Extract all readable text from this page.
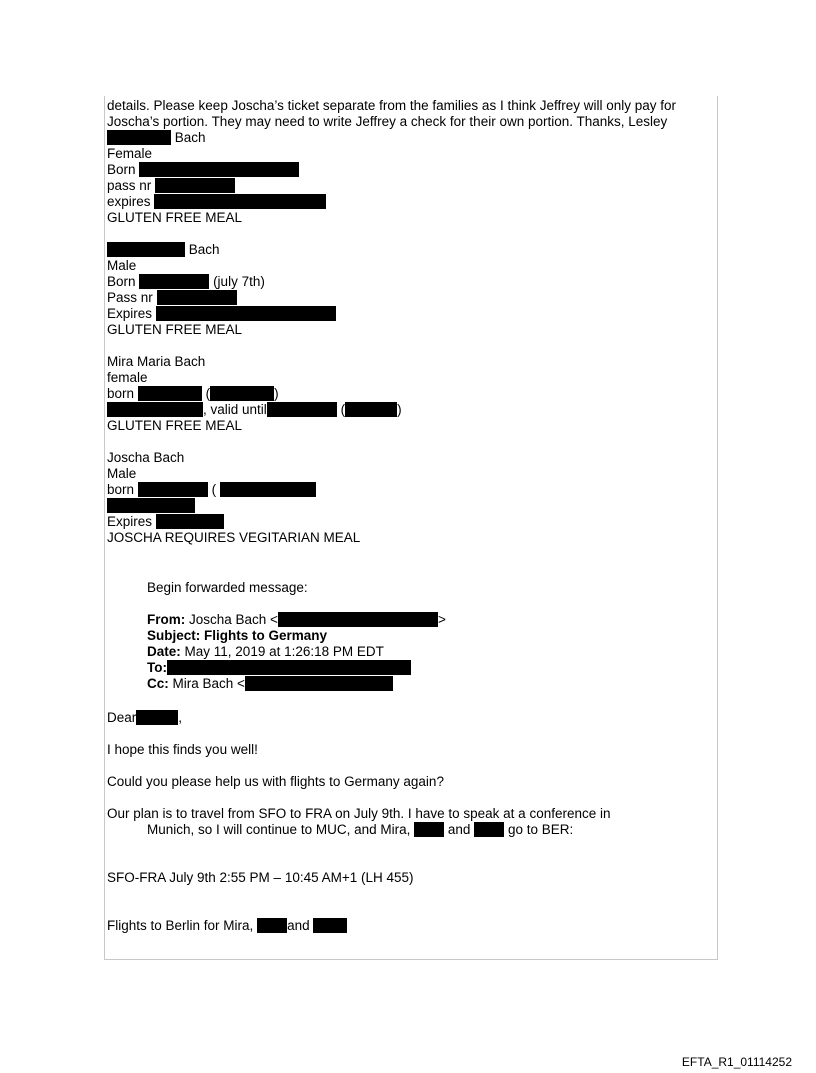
details. Please keep Joscha’s ticket separate from the families as I think Jeffrey will only pay for
Joscha’s portion. They may need to write Jeffrey a check for their own portion. Thanks, Lesley
Bach
Female
Born
pass nr
expires
GLUTEN FREE MEAL
Bach
Male
Born	(july 7th)
Pass nr
Expires
GLUTEN FREE MEAL
Mira Maria Bach
female
born	(	)
, valid until	(	)
GLUTEN FREE MEAL
Joscha Bach
Male
born	(
Expires
JOSCHA REQUIRES VEGITARIAN MEAL
Begin forwarded message:
From: Joscha Bach <	>
Subject: Flights to Germany
Date: May 11, 2019 at 1:26:18 PM EDT
To:
Cc: Mira Bach <
Dear	,
I hope this finds you well!
Could you please help us with flights to Germany again?
Our plan is to travel from SFO to FRA on July 9th. I have to speak at a conference in
Munich, so I will continue to MUC, and Mira,	and	go to BER:
SFO-FRA July 9th 2:55 PM – 10:45 AM+1 (LH 455)
Flights to Berlin for Mira,	and
EFTA_R1_01114252
